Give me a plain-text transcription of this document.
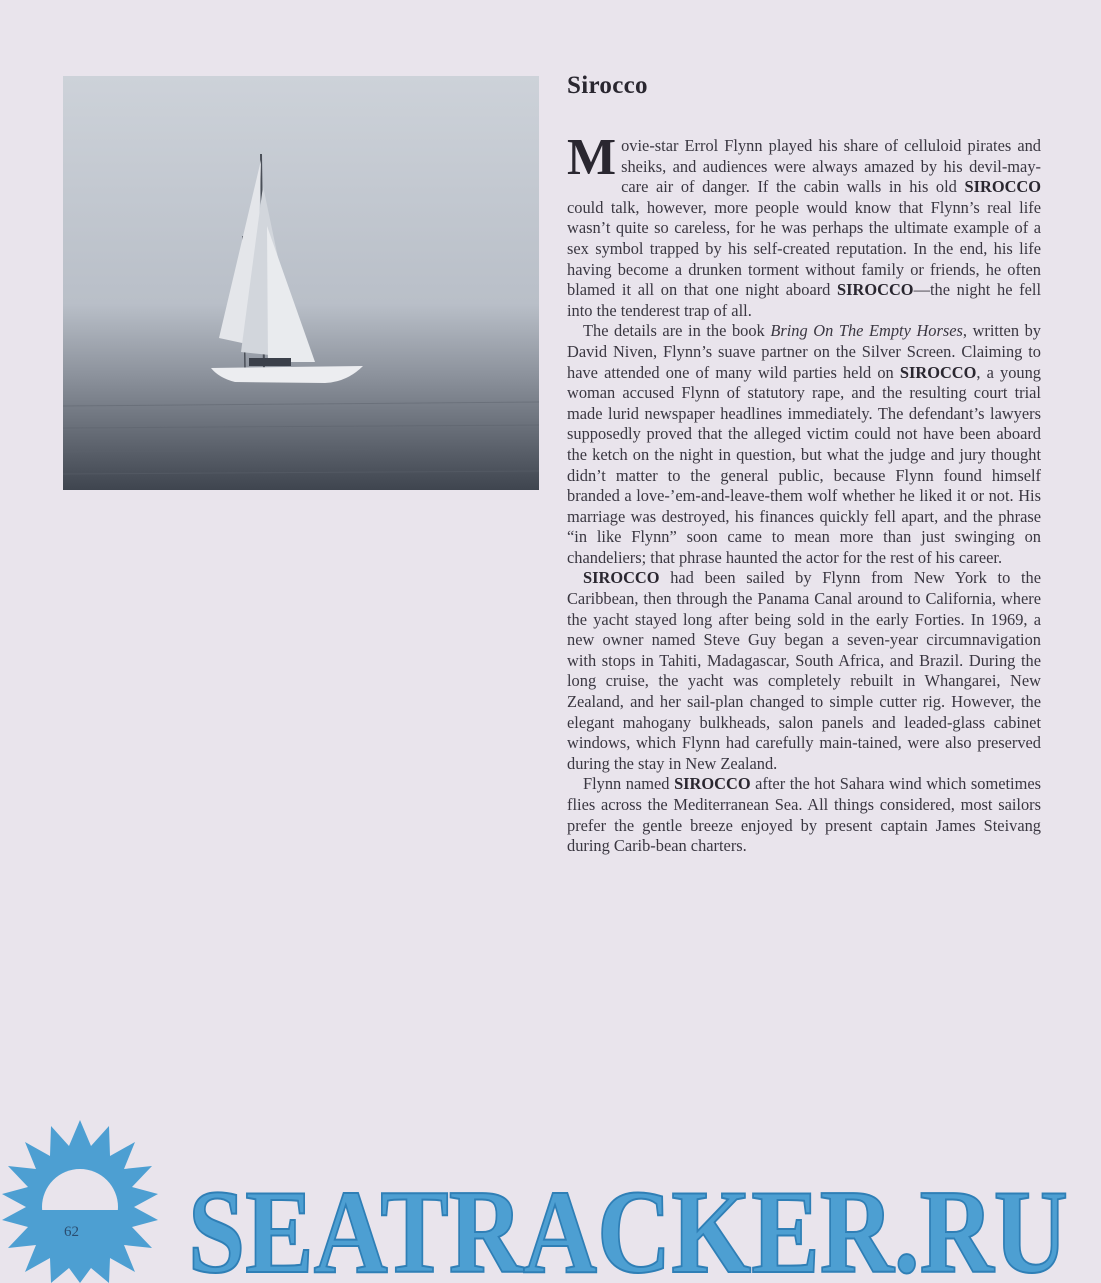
Sirocco

Movie-star Errol Flynn played his share of celluloid pirates and sheiks, and audiences were always amazed by his devil-may-care air of danger. If the cabin walls in his old SIROCCO could talk, however, more people would know that Flynn’s real life wasn’t quite so careless, for he was perhaps the ultimate example of a sex symbol trapped by his self-created reputation. In the end, his life having become a drunken torment without family or friends, he often blamed it all on that one night aboard SIROCCO—the night he fell into the tenderest trap of all.

The details are in the book Bring On The Empty Horses, written by David Niven, Flynn’s suave partner on the Silver Screen. Claiming to have attended one of many wild parties held on SIROCCO, a young woman accused Flynn of statutory rape, and the resulting court trial made lurid newspaper headlines immediately. The defendant’s lawyers supposedly proved that the alleged victim could not have been aboard the ketch on the night in question, but what the judge and jury thought didn’t matter to the general public, because Flynn found himself branded a love-’em-and-leave-them wolf whether he liked it or not. His marriage was destroyed, his finances quickly fell apart, and the phrase “in like Flynn” soon came to mean more than just swinging on chandeliers; that phrase haunted the actor for the rest of his career.

SIROCCO had been sailed by Flynn from New York to the Caribbean, then through the Panama Canal around to California, where the yacht stayed long after being sold in the early Forties. In 1969, a new owner named Steve Guy began a seven-year circumnavigation with stops in Tahiti, Madagascar, South Africa, and Brazil. During the long cruise, the yacht was completely rebuilt in Whangarei, New Zealand, and her sail-plan changed to simple cutter rig. However, the elegant mahogany bulkheads, salon panels and leaded-glass cabinet windows, which Flynn had carefully main-tained, were also preserved during the stay in New Zealand.

Flynn named SIROCCO after the hot Sahara wind which sometimes flies across the Mediterranean Sea. All things considered, most sailors prefer the gentle breeze enjoyed by present captain James Steivang during Carib-bean charters.

SEATRACKER.RU
62
